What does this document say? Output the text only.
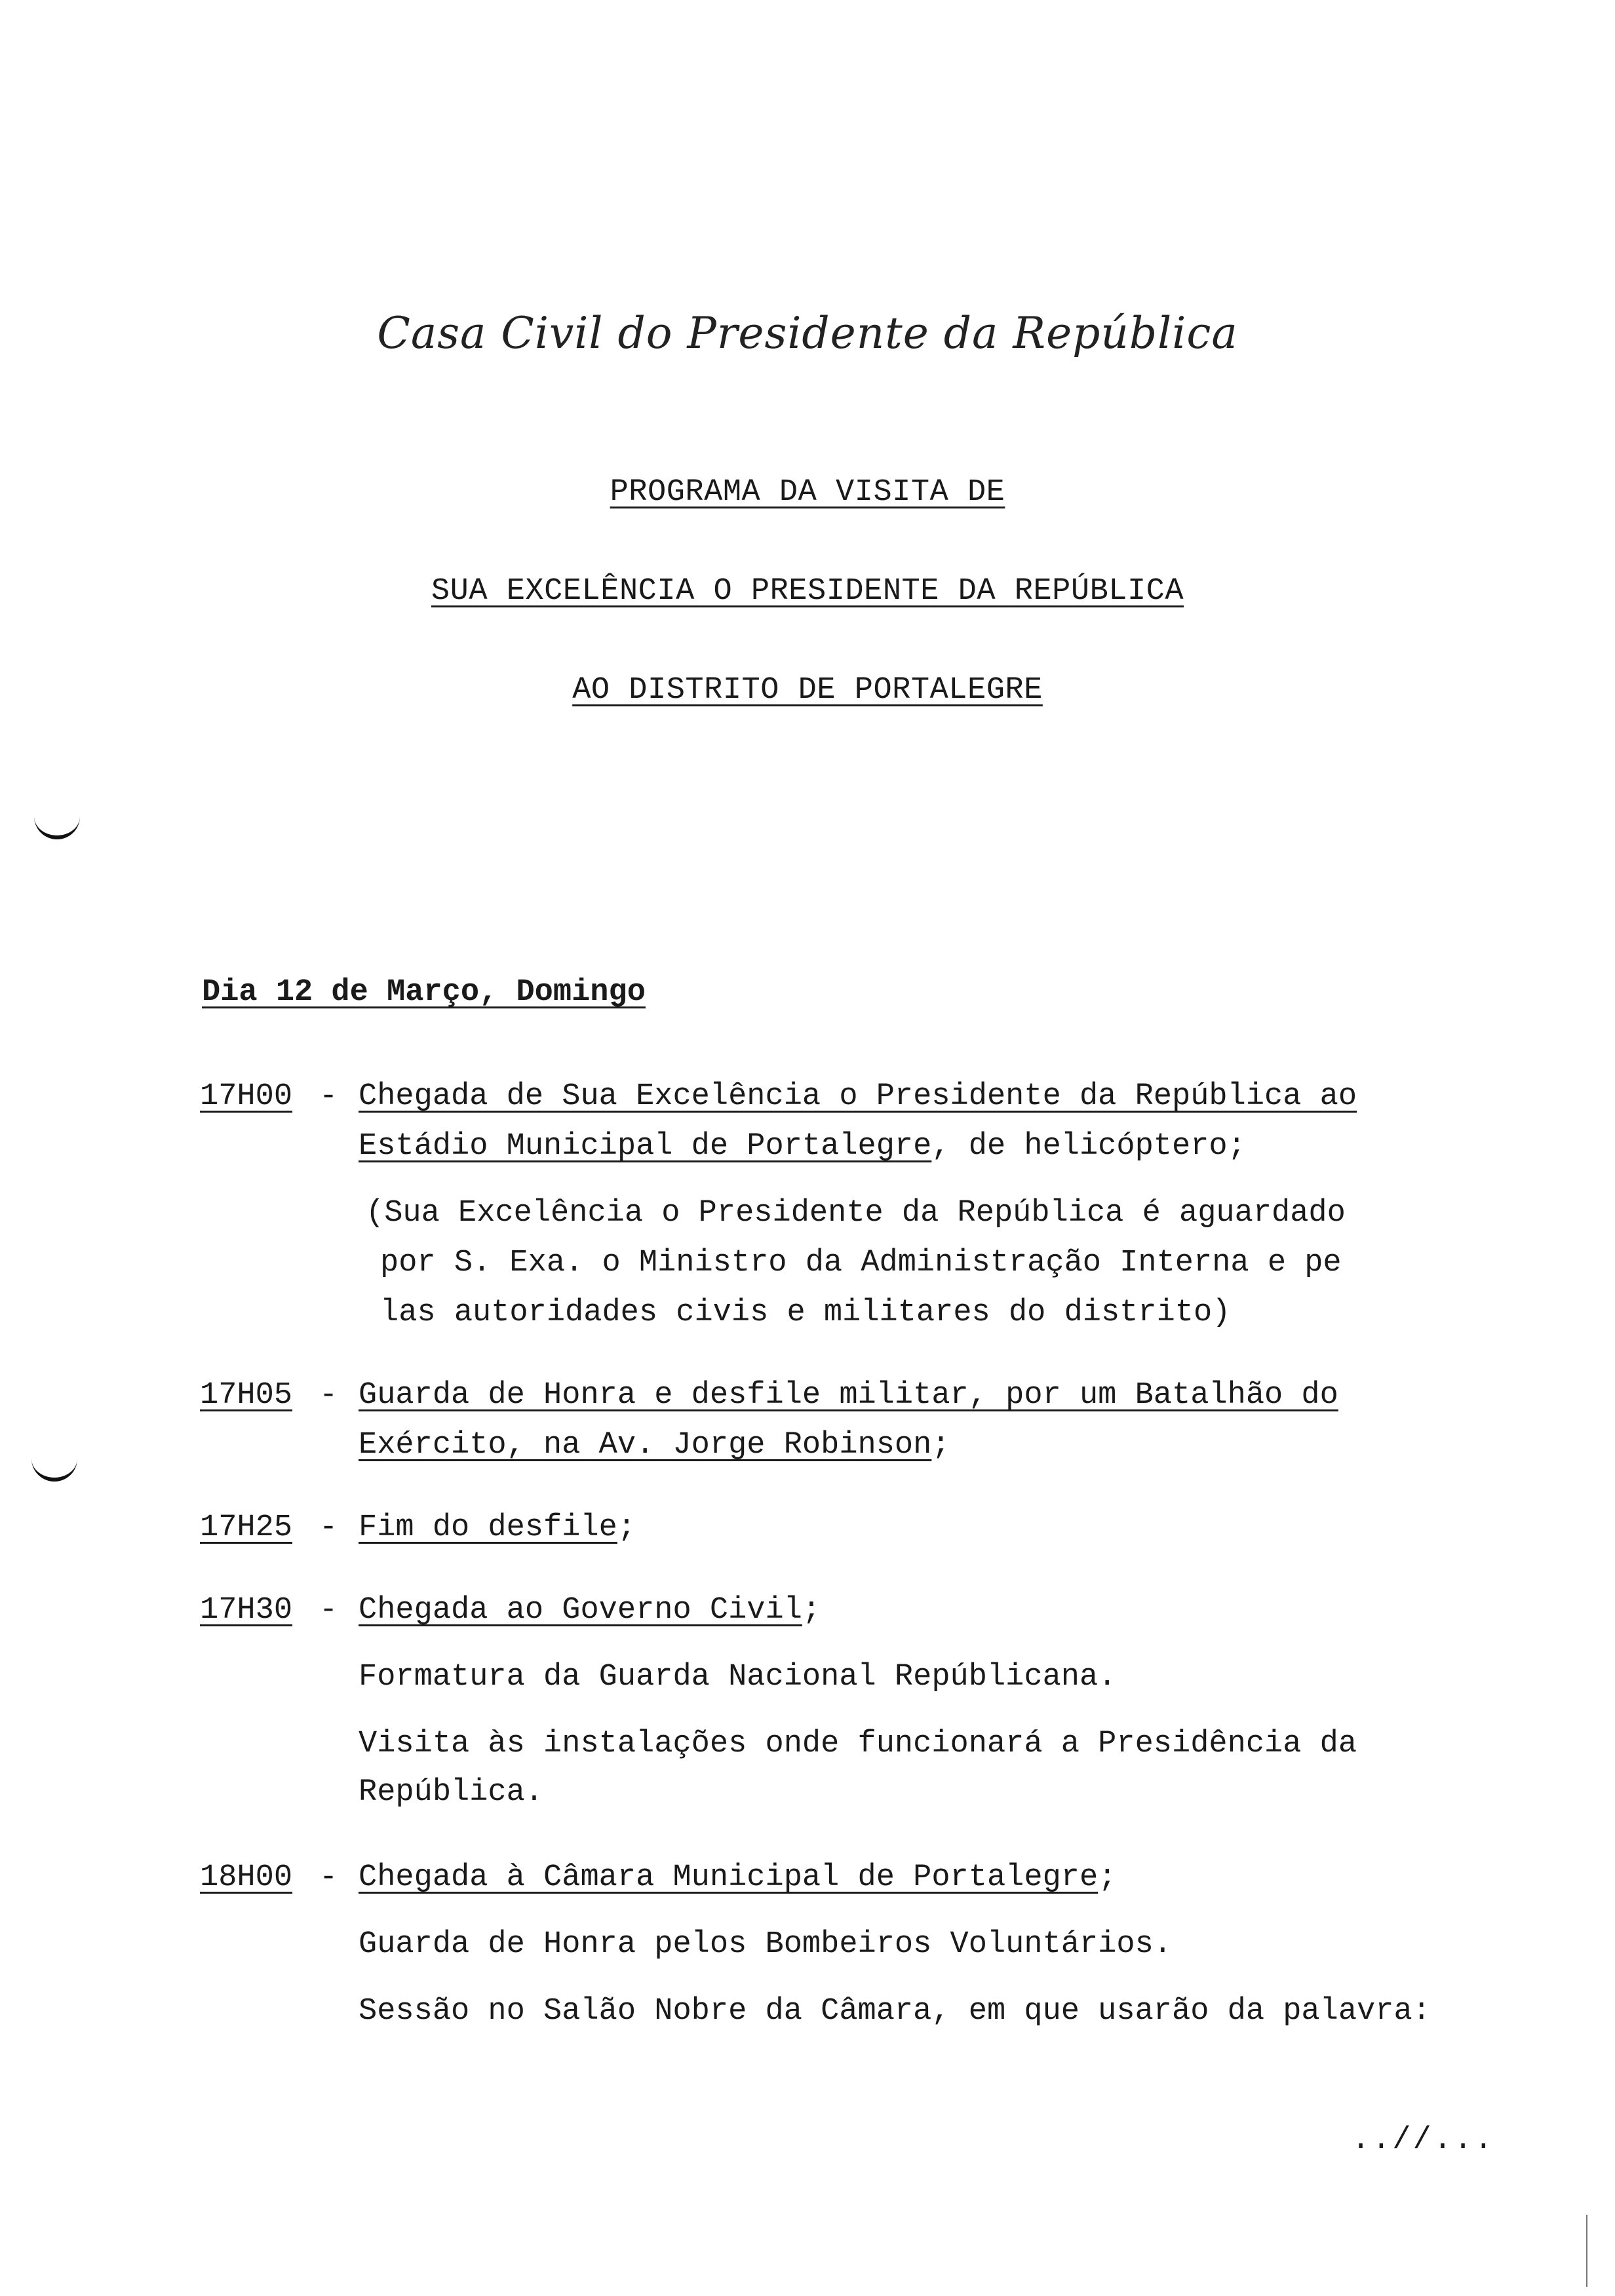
Casa Civil do Presidente da República
PROGRAMA DA VISITA DE
SUA EXCELÊNCIA O PRESIDENTE DA REPÚBLICA
AO DISTRITO DE PORTALEGRE
Dia 12 de Março, Domingo
17H00 - Chegada de Sua Excelência o Presidente da República ao
Estádio Municipal de Portalegre, de helicóptero;
(Sua Excelência o Presidente da República é aguardado
por S. Exa. o Ministro da Administração Interna e pe
las autoridades civis e militares do distrito)
17H05 - Guarda de Honra e desfile militar, por um Batalhão do
Exército, na Av. Jorge Robinson;
17H25 - Fim do desfile;
17H30 - Chegada ao Governo Civil;
Formatura da Guarda Nacional Repúblicana.
Visita às instalações onde funcionará a Presidência da
República.
18H00 - Chegada à Câmara Municipal de Portalegre;
Guarda de Honra pelos Bombeiros Voluntários.
Sessão no Salão Nobre da Câmara, em que usarão da palavra:
..//...
